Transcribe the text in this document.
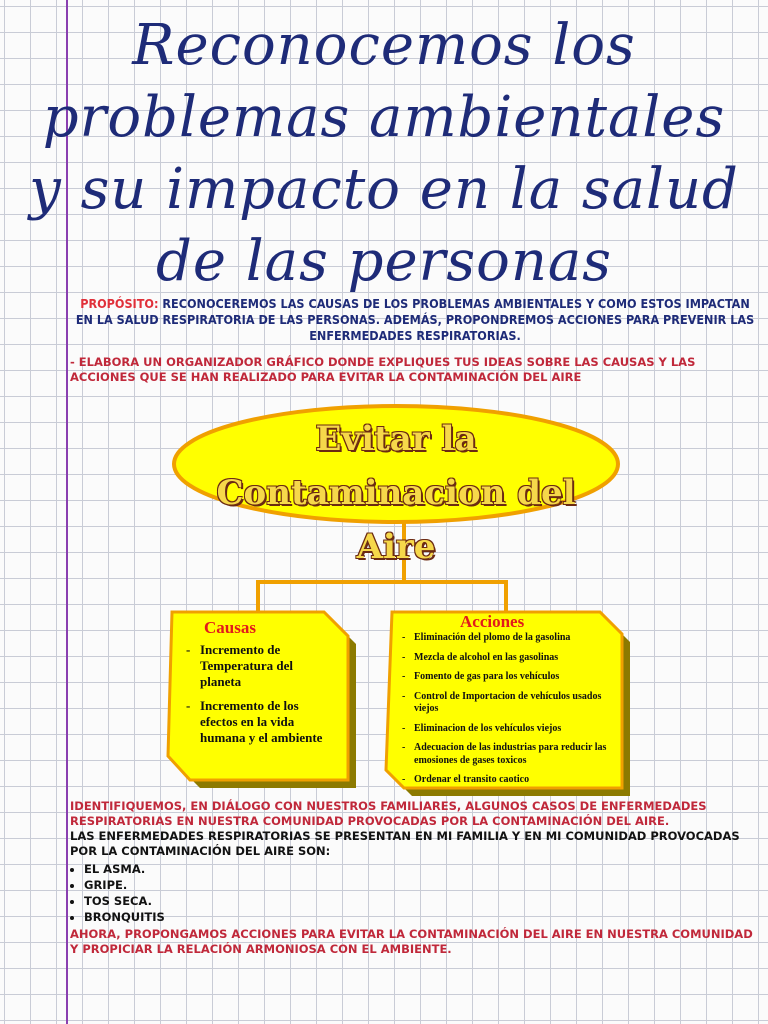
Reconocemos los problemas ambientales y su impacto en la salud de las personas

PROPÓSITO: RECONOCEREMOS LAS CAUSAS DE LOS PROBLEMAS AMBIENTALES Y COMO ESTOS IMPACTAN EN LA SALUD RESPIRATORIA DE LAS PERSONAS. ADEMÁS, PROPONDREMOS ACCIONES PARA PREVENIR LAS ENFERMEDADES RESPIRATORIAS.

- ELABORA UN ORGANIZADOR GRÁFICO DONDE EXPLIQUES TUS IDEAS SOBRE LAS CAUSAS Y LAS ACCIONES QUE SE HAN REALIZADO PARA EVITAR LA CONTAMINACIÓN DEL AIRE

Evitar la Contaminacion del Aire
Causas
- Incremento de Temperatura del planeta
- Incremento de los efectos en la vida humana y el ambiente
Acciones
- Eliminación del plomo de la gasolina
- Mezcla de alcohol en las gasolinas
- Fomento de gas para los vehículos
- Control de Importacion de vehículos usados viejos
- Eliminacion de los vehículos viejos
- Adecuacion de las industrias para reducir las emosiones de gases toxicos
- Ordenar el transito caotico

IDENTIFIQUEMOS, EN DIÁLOGO CON NUESTROS FAMILIARES, ALGUNOS CASOS DE ENFERMEDADES RESPIRATORIAS EN NUESTRA COMUNIDAD PROVOCADAS POR LA CONTAMINACIÓN DEL AIRE.

LAS ENFERMEDADES RESPIRATORIAS SE PRESENTAN EN MI FAMILIA Y EN MI COMUNIDAD PROVOCADAS POR LA CONTAMINACIÓN DEL AIRE SON:

• EL ASMA.
• GRIPE.
• TOS SECA.
• BRONQUITIS

AHORA, PROPONGAMOS ACCIONES PARA EVITAR LA CONTAMINACIÓN DEL AIRE EN NUESTRA COMUNIDAD Y PROPICIAR LA RELACIÓN ARMONIOSA CON EL AMBIENTE.
